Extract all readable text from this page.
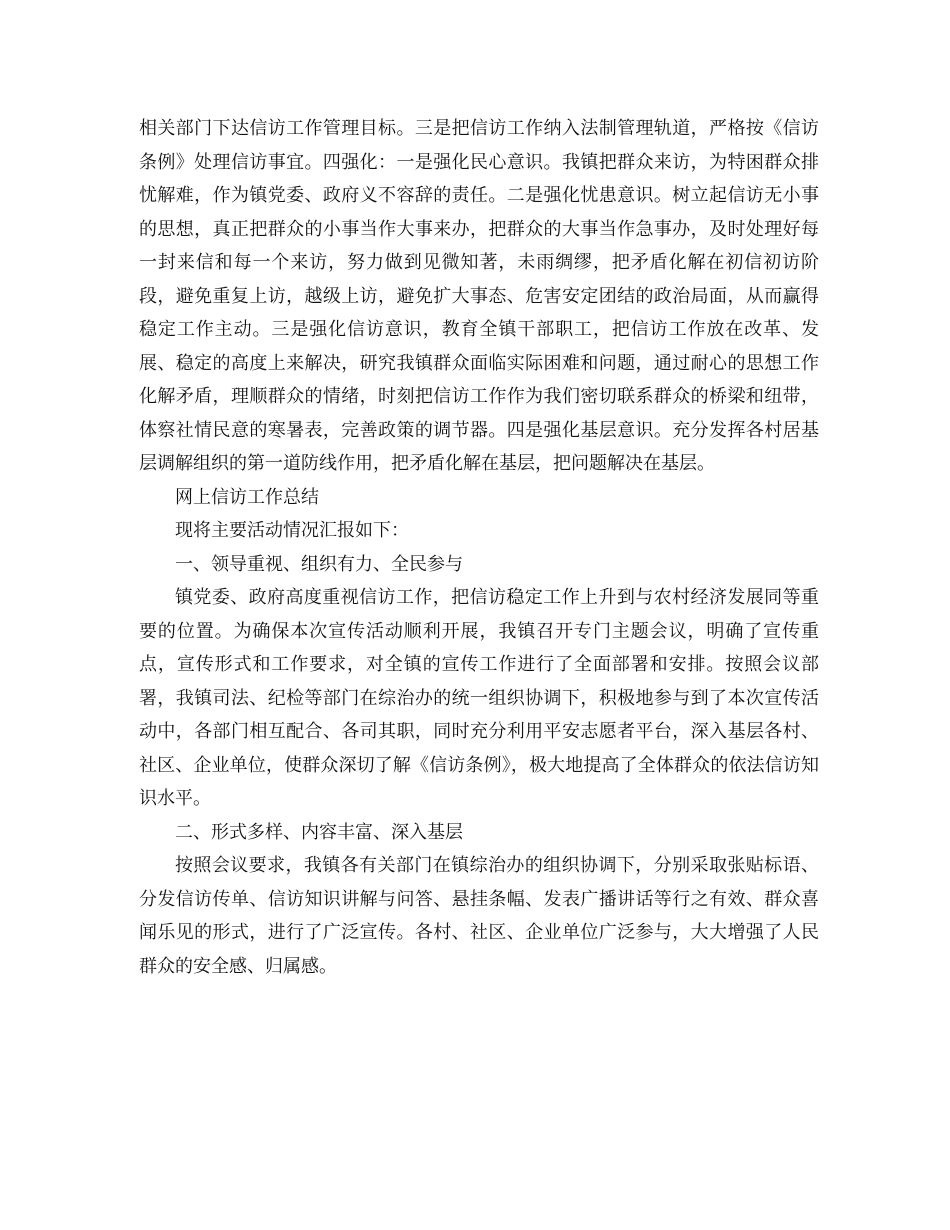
相关部门下达信访工作管理目标。三是把信访工作纳入法制管理轨道，严格按《信访条例》处理信访事宜。四强化：一是强化民心意识。我镇把群众来访，为特困群众排忧解难，作为镇党委、政府义不容辞的责任。二是强化忧患意识。树立起信访无小事的思想，真正把群众的小事当作大事来办，把群众的大事当作急事办，及时处理好每一封来信和每一个来访，努力做到见微知著，未雨绸缪，把矛盾化解在初信初访阶段，避免重复上访，越级上访，避免扩大事态、危害安定团结的政治局面，从而赢得稳定工作主动。三是强化信访意识，教育全镇干部职工，把信访工作放在改革、发展、稳定的高度上来解决，研究我镇群众面临实际困难和问题，通过耐心的思想工作化解矛盾，理顺群众的情绪，时刻把信访工作作为我们密切联系群众的桥梁和纽带，体察社情民意的寒暑表，完善政策的调节器。四是强化基层意识。充分发挥各村居基层调解组织的第一道防线作用，把矛盾化解在基层，把问题解决在基层。

网上信访工作总结

现将主要活动情况汇报如下：

一、领导重视、组织有力、全民参与

镇党委、政府高度重视信访工作，把信访稳定工作上升到与农村经济发展同等重要的位置。为确保本次宣传活动顺利开展，我镇召开专门主题会议，明确了宣传重点，宣传形式和工作要求，对全镇的宣传工作进行了全面部署和安排。按照会议部署，我镇司法、纪检等部门在综治办的统一组织协调下，积极地参与到了本次宣传活动中，各部门相互配合、各司其职，同时充分利用平安志愿者平台，深入基层各村、社区、企业单位，使群众深切了解《信访条例》，极大地提高了全体群众的依法信访知识水平。

二、形式多样、内容丰富、深入基层

按照会议要求，我镇各有关部门在镇综治办的组织协调下，分别采取张贴标语、分发信访传单、信访知识讲解与问答、悬挂条幅、发表广播讲话等行之有效、群众喜闻乐见的形式，进行了广泛宣传。各村、社区、企业单位广泛参与，大大增强了人民群众的安全感、归属感。
